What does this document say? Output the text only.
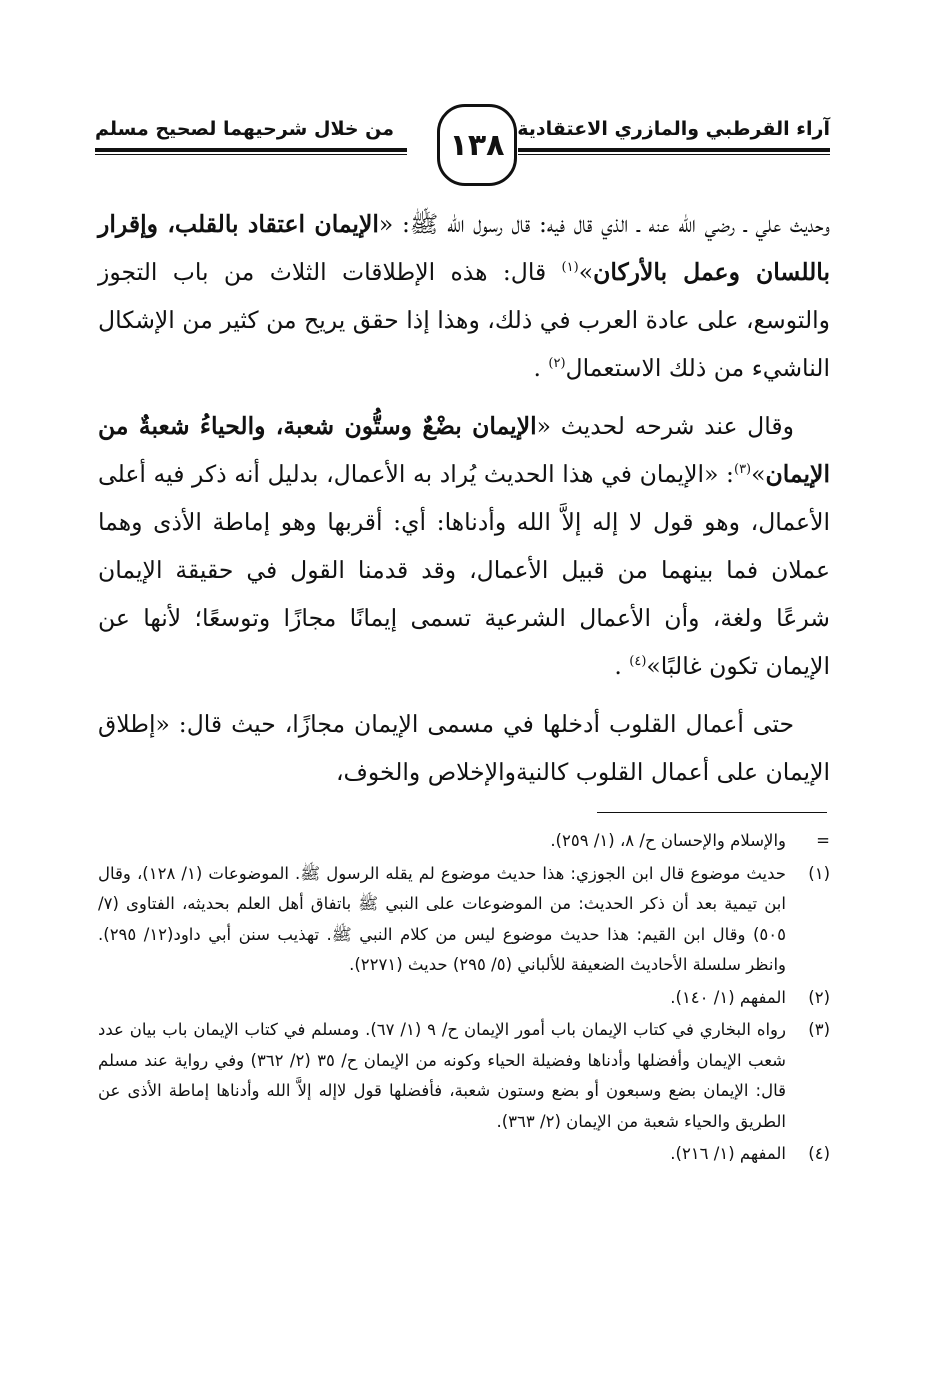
آراء القرطبي والمازري الاعتقادية
من خلال شرحيهما لصحيح مسلم	١٣٨

وحديث علي ـ رضي الله عنه ـ الذي قال فيه: قال رسول الله ﷺ: «الإيمان اعتقاد بالقلب، وإقرار باللسان وعمل بالأركان»$^{(١)}$ قال: هذه الإطلاقات الثلاث من باب التجوز والتوسع، على عادة العرب في ذلك، وهذا إذا حقق يريح من كثير من الإشكال الناشيء من ذلك الاستعمال$^{(٢)}$ .

وقال عند شرحه لحديث «الإيمان بضْعٌ وستُّون شعبة، والحياءُ شعبةٌ من الإيمان»$^{(٣)}$: «الإيمان في هذا الحديث يُراد به الأعمال، بدليل أنه ذكر فيه أعلى الأعمال، وهو قول لا إله إلاَّ الله وأدناها: أي: أقربها وهو إماطة الأذى وهما عملان فما بينهما من قبيل الأعمال، وقد قدمنا القول في حقيقة الإيمان شرعًا ولغة، وأن الأعمال الشرعية تسمى إيمانًا مجازًا وتوسعًا؛ لأنها عن الإيمان تكون غالبًا»$^{(٤)}$ .

حتى أعمال القلوب أدخلها في مسمى الإيمان مجازًا، حيث قال: «إطلاق الإيمان على أعمال القلوب كالنيةوالإخلاص والخوف،

=
والإسلام والإحسان ح/ ٨، (١/ ٢٥٩).
(١)
حديث موضوع قال ابن الجوزي: هذا حديث موضوع لم يقله الرسول ﷺ. الموضوعات (١/ ١٢٨)، وقال ابن تيمية بعد أن ذكر الحديث: من الموضوعات على النبي ﷺ باتفاق أهل العلم بحديثه، الفتاوى (٧/ ٥٠٥) وقال ابن القيم: هذا حديث موضوع ليس من كلام النبي ﷺ. تهذيب سنن أبي داود(١٢/ ٢٩٥). وانظر سلسلة الأحاديث الضعيفة للألباني (٥/ ٢٩٥) حديث (٢٢٧١).
(٢)
المفهم (١/ ١٤٠).
(٣)
رواه البخاري في كتاب الإيمان باب أمور الإيمان ح/ ٩ (١/ ٦٧). ومسلم في كتاب الإيمان باب بيان عدد شعب الإيمان وأفضلها وأدناها وفضيلة الحياء وكونه من الإيمان ح/ ٣٥ (٢/ ٣٦٢) وفي رواية عند مسلم قال: الإيمان بضع وسبعون أو بضع وستون شعبة، فأفضلها قول لاإله إلاَّ الله وأدناها إماطة الأذى عن الطريق والحياء شعبة من الإيمان (٢/ ٣٦٣).
(٤)
المفهم (١/ ٢١٦).
